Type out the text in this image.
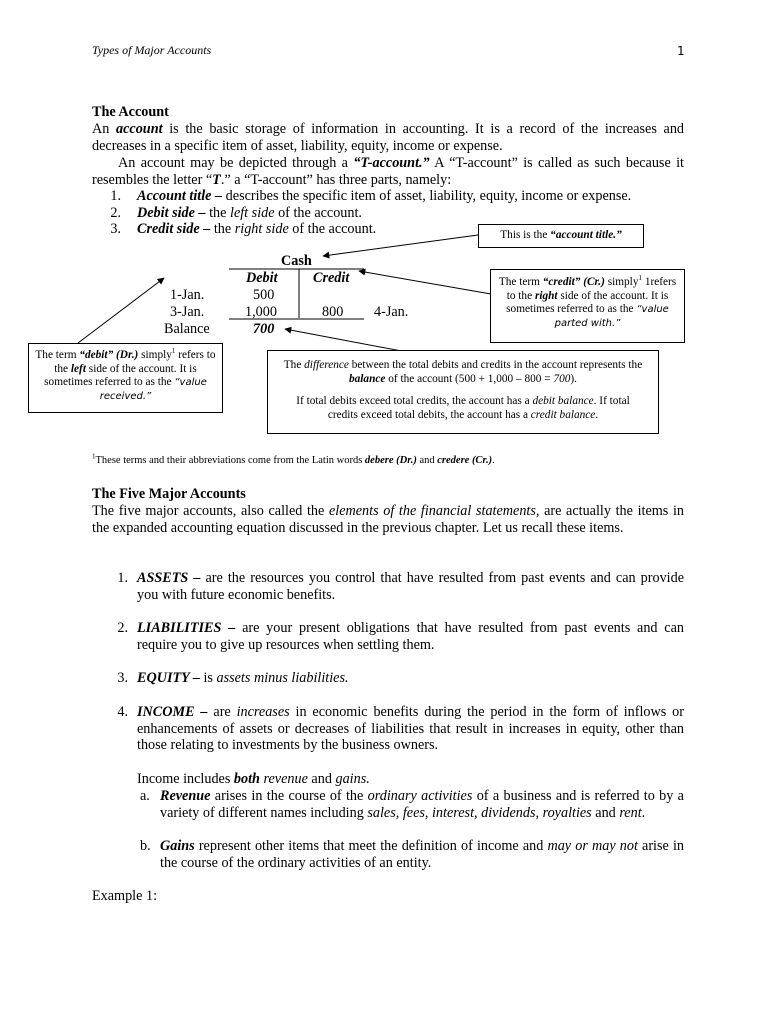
Types of Major Accounts	1
The Account
An account is the basic storage of information in accounting. It is a record of the increases and decreases in a specific item of asset, liability, equity, income or expense.
An account may be depicted through a “T-account.” A “T-account” is called as such because it resembles the letter “T.” a “T-account” has three parts, namely:
1. Account title – describes the specific item of asset, liability, equity, income or expense.
2. Debit side – the left side of the account.
3. Credit side – the right side of the account.
Cash
Debit Credit
1-Jan.	500
3-Jan.	1,000	800 4-Jan.
Balance	700
This is the “account title.”
The term “credit” (Cr.) simply$^1$ 1refers to the right side of the account. It is sometimes referred to as the “value parted with.”
The term “debit” (Dr.) simply$^1$ refers to the left side of the account. It is sometimes referred to as the “value received.”
The difference between the total debits and credits in the account represents the balance of the account (500 + 1,000 – 800 = 700).
If total debits exceed total credits, the account has a debit balance. If total credits exceed total debits, the account has a credit balance.
$^1$These terms and their abbreviations come from the Latin words debere (Dr.) and credere (Cr.).
The Five Major Accounts
The five major accounts, also called the elements of the financial statements, are actually the items in the expanded accounting equation discussed in the previous chapter. Let us recall these items.
1. ASSETS – are the resources you control that have resulted from past events and can provide you with future economic benefits.
2. LIABILITIES – are your present obligations that have resulted from past events and can require you to give up resources when settling them.
3. EQUITY – is assets minus liabilities.
4. INCOME – are increases in economic benefits during the period in the form of inflows or enhancements of assets or decreases of liabilities that result in increases in equity, other than those relating to investments by the business owners.
Income includes both revenue and gains.
a. Revenue arises in the course of the ordinary activities of a business and is referred to by a variety of different names including sales, fees, interest, dividends, royalties and rent.
b. Gains represent other items that meet the definition of income and may or may not arise in the course of the ordinary activities of an entity.
Example 1:
